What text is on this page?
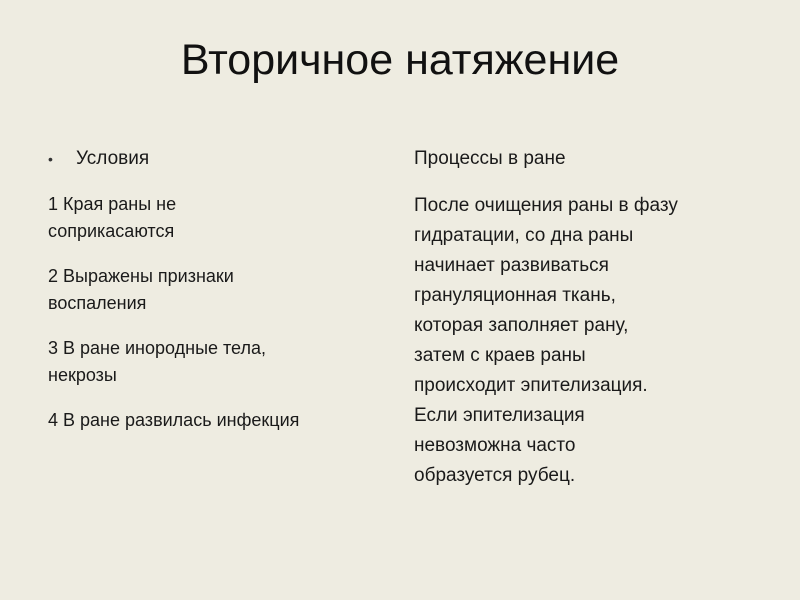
Вторичное натяжение
• Условия
1 Края раны не
соприкасаются
2 Выражены признаки
воспаления
3 В ране инородные тела,
некрозы
4 В ране развилась инфекция
Процессы в ране
После очищения раны в фазу
гидратации, со дна раны
начинает развиваться
грануляционная ткань,
которая заполняет рану,
затем с краев раны
происходит эпителизация.
Если эпителизация
невозможна часто
образуется рубец.
